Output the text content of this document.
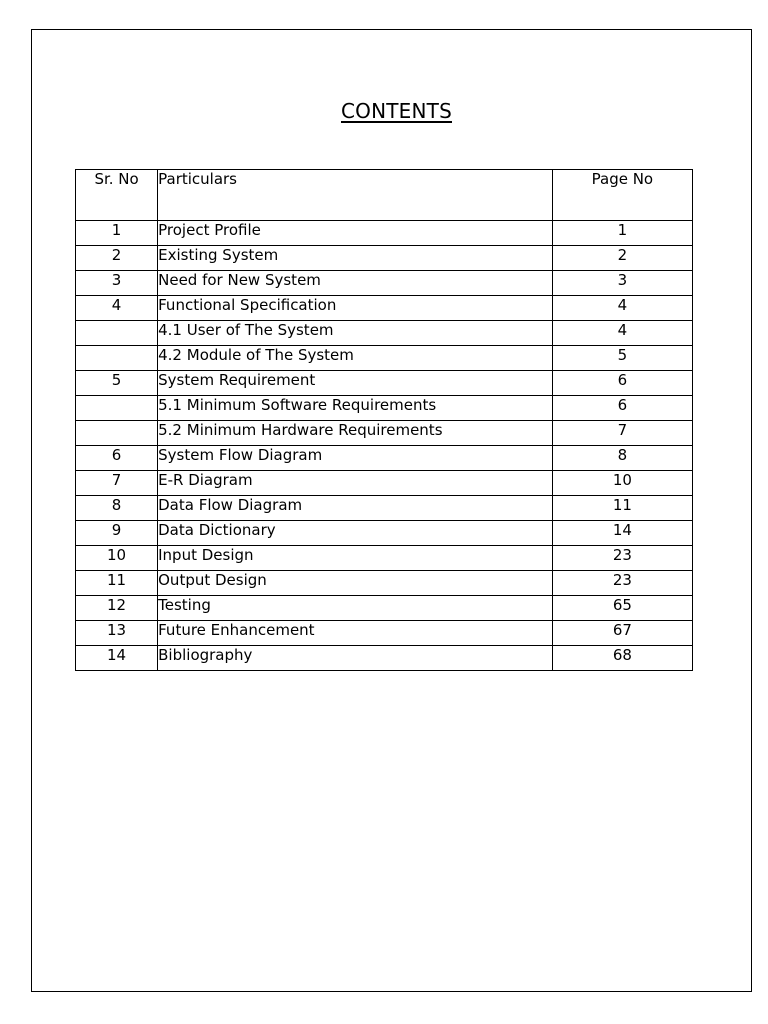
CONTENTS
Sr. No	Particulars	Page No
1	Project Profile	1
2	Existing System	2
3	Need for New System	3
4	Functional Specification	4
	4.1 User of The System	4
	4.2 Module of The System	5
5	System Requirement	6
	5.1 Minimum Software Requirements	6
	5.2 Minimum Hardware Requirements	7
6	System Flow Diagram	8
7	E-R Diagram	10
8	Data Flow Diagram	11
9	Data Dictionary	14
10	Input Design	23
11	Output Design	23
12	Testing	65
13	Future Enhancement	67
14	Bibliography	68
